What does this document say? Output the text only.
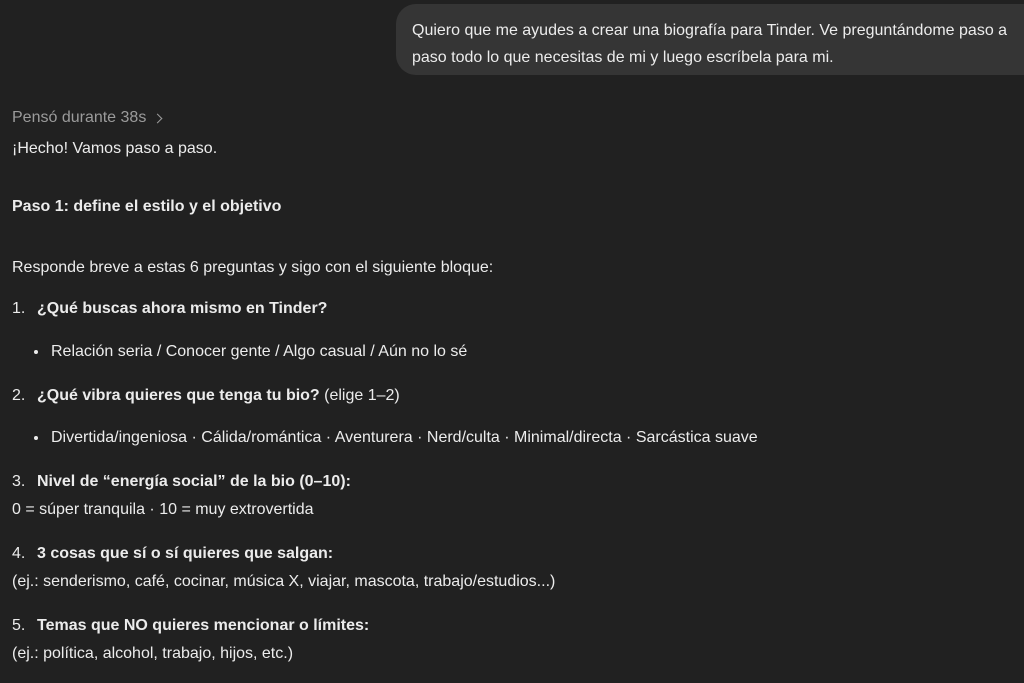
Quiero que me ayudes a crear una biografía para Tinder. Ve preguntándome paso a
paso todo lo que necesitas de mi y luego escríbela para mi.
Pensó durante 38s
¡Hecho! Vamos paso a paso.
Paso 1: define el estilo y el objetivo
Responde breve a estas 6 preguntas y sigo con el siguiente bloque:
1. ¿Qué buscas ahora mismo en Tinder?
Relación seria / Conocer gente / Algo casual / Aún no lo sé
2. ¿Qué vibra quieres que tenga tu bio? (elige 1–2)
Divertida/ingeniosa · Cálida/romántica · Aventurera · Nerd/culta · Minimal/directa · Sarcástica suave
3. Nivel de “energía social” de la bio (0–10):
0 = súper tranquila · 10 = muy extrovertida
4. 3 cosas que sí o sí quieres que salgan:
(ej.: senderismo, café, cocinar, música X, viajar, mascota, trabajo/estudios...)
5. Temas que NO quieres mencionar o límites:
(ej.: política, alcohol, trabajo, hijos, etc.)
